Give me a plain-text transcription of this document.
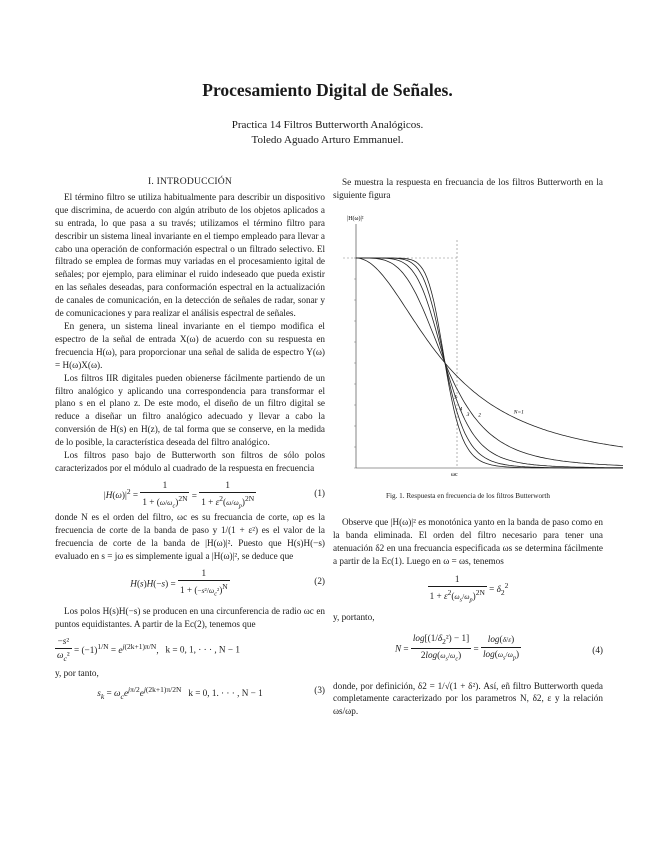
Procesamiento Digital de Señales.
Practica 14 Filtros Butterworth Analógicos.
Toledo Aguado Arturo Emmanuel.
I. INTRODUCCIÓN

El término filtro se utiliza habitualmente para describir un dispositivo que discrimina, de acuerdo con algún atributo de los objetos aplicados a su entrada, lo que pasa a su través; utilizamos el término filtro para describir un sistema lineal invariante en el tiempo empleado para llevar a cabo una operación de conformación espectral o un filtrado selectivo. El filtrado se emplea de formas muy variadas en el procesamiento igital de señales; por ejemplo, para eliminar el ruido indeseado que pueda existir en las señales deseadas, para conformación espectral en la actualización de canales de comunicación, en la detección de señales de radar, sonar y de comunicaciones y para realizar el análisis espectral de señales.

En genera, un sistema lineal invariante en el tiempo modifica el espectro de la señal de entrada X(ω) de acuerdo con su respuesta en frecuencia H(ω), para proporcionar una señal de salida de espectro Y(ω) = H(ω)X(ω).

Los filtros IIR digitales pueden obienerse fácilmente partiendo de un filtro analógico y aplicando una correspondencia para transformar el plano s en el plano z. De este modo, el diseño de un filtro digital se reduce a diseñar un filtro analógico adecuado y llevar a cabo la conversión de H(s) en H(z), de tal forma que se conserve, en la medida de lo posible, la característica deseada del filtro analógico.

Los filtros paso bajo de Butterworth son filtros de sólo polos caracterizados por el módulo al cuadrado de la respuesta en frecuencia

$|H(\omega)|^2 = \frac{1}{1 + (\omega/\omega_c)^{2N}} = \frac{1}{1 + \varepsilon^2(\omega/\omega_p)^{2N}}$	(1)

donde N es el orden del filtro, ωc es su frecuancia de corte, ωp es la frecuencia de corte de la banda de paso y 1/(1 + ε²) es el valor de la frecuencia de corte de la banda de |H(ω)|². Puesto que H(s)H(−s) evaluado en s = jω es simplemente igual a |H(ω)|², se deduce que

$H(s)H(-s) = \frac{1}{1 + (-s^2/\omega_c^2)^N}$	(2)

Los polos H(s)H(−s) se producen en una circunferencia de radio ωc en puntos equidistantes. A partir de la Ec(2), tenemos que

$\frac{\text{−s²}}{\omega_c^2} = (-1)^{1/N} = e^{j(2k+1)\pi/N}$,   k = 0, 1, · · · , N − 1

y, por tanto,

$s_k = \omega_ce^{j\pi/2}e^{j(2k+1)\pi/2N}$ k = 0, 1. · · · , N − 1	(3)

Se muestra la respuesta en frecuancia de los filtros Butterworth en la siguiente figura

|H(ω)|²
ωc
N=1
2
3
4
5
Fig. 1. Respuesta en frecuencia de los filtros Butterworth

Observe que |H(ω)|² es monotónica yanto en la banda de paso como en la banda eliminada. El orden del filtro necesario para tener una atenuación δ2 en una frecuancia especificada ωs se determina fácilmente a partir de la Ec(1). Luego en ω = ωs, tenemos

$\frac{1}{1 + \varepsilon^2(\omega_s/\omega_p)^{2N}} = \delta_2^2$

y, portanto,

$N = \frac{\log[(1/\delta_2^2) - 1]}{2\log(\omega_s/\omega_c)} = \frac{\log(\delta/\varepsilon)}{\log(\omega_s/\omega_p)}$	(4)

donde, por definición, δ2 = 1/√(1 + δ²). Así, eñ filtro Butterworth queda completamente caracterizado por los parametros N, δ2, ε y la relación ωs/ωp.
